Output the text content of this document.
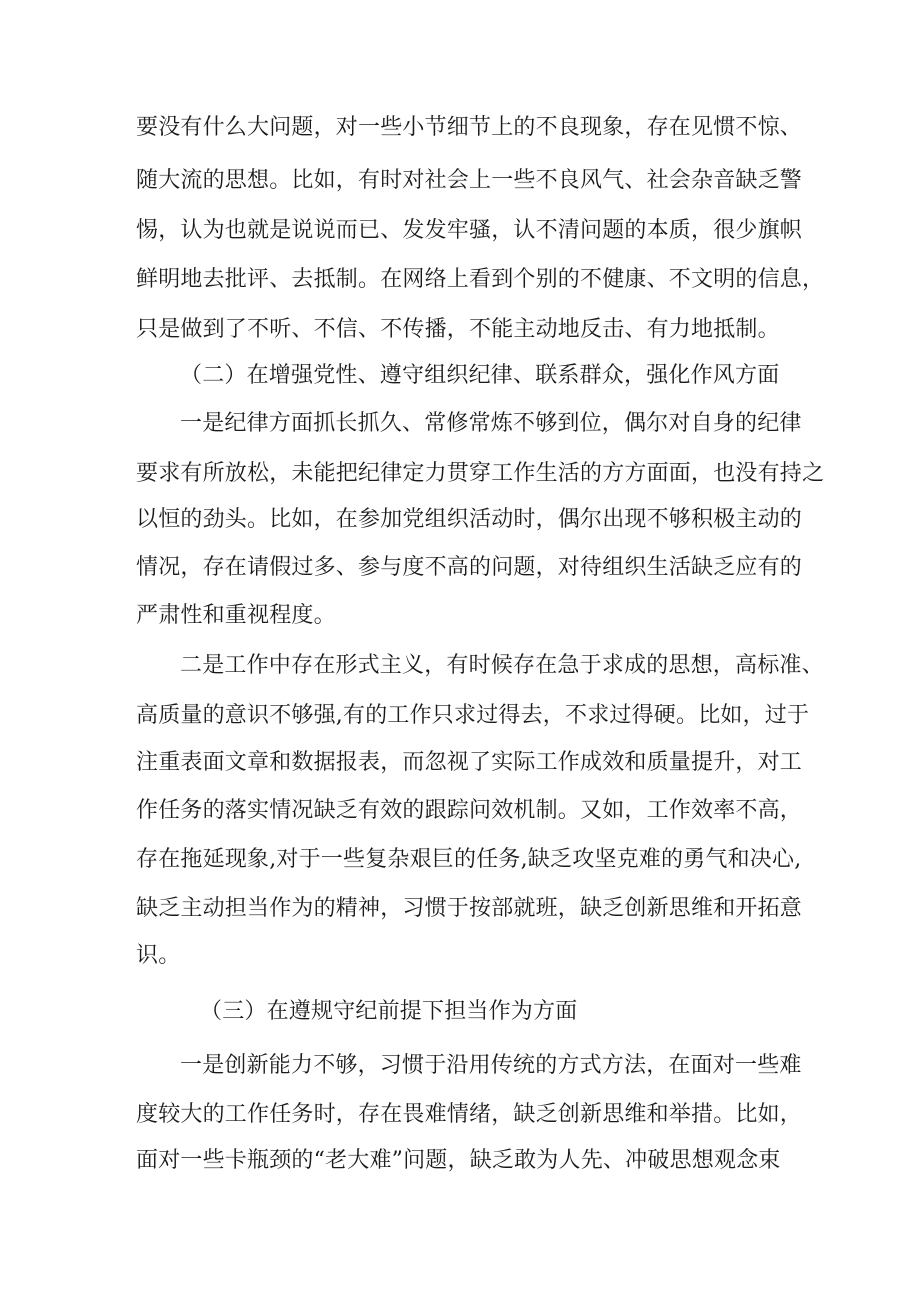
要没有什么大问题，对一些小节细节上的不良现象，存在见惯不惊、
随大流的思想。比如，有时对社会上一些不良风气、社会杂音缺乏警
惕，认为也就是说说而已、发发牢骚，认不清问题的本质，很少旗帜
鲜明地去批评、去抵制。在网络上看到个别的不健康、不文明的信息，
只是做到了不听、不信、不传播，不能主动地反击、有力地抵制。
（二）在增强党性、遵守组织纪律、联系群众，强化作风方面
一是纪律方面抓长抓久、常修常炼不够到位，偶尔对自身的纪律
要求有所放松，未能把纪律定力贯穿工作生活的方方面面，也没有持之
以恒的劲头。比如，在参加党组织活动时，偶尔出现不够积极主动的
情况，存在请假过多、参与度不高的问题，对待组织生活缺乏应有的
严肃性和重视程度。
二是工作中存在形式主义，有时候存在急于求成的思想，高标准、
高质量的意识不够强,有的工作只求过得去，不求过得硬。比如，过于
注重表面文章和数据报表，而忽视了实际工作成效和质量提升，对工
作任务的落实情况缺乏有效的跟踪问效机制。又如，工作效率不高，
存在拖延现象,对于一些复杂艰巨的任务,缺乏攻坚克难的勇气和决心,
缺乏主动担当作为的精神，习惯于按部就班，缺乏创新思维和开拓意
识。
（三）在遵规守纪前提下担当作为方面
一是创新能力不够，习惯于沿用传统的方式方法，在面对一些难
度较大的工作任务时，存在畏难情绪，缺乏创新思维和举措。比如，
面对一些卡瓶颈的“老大难”问题，缺乏敢为人先、冲破思想观念束
